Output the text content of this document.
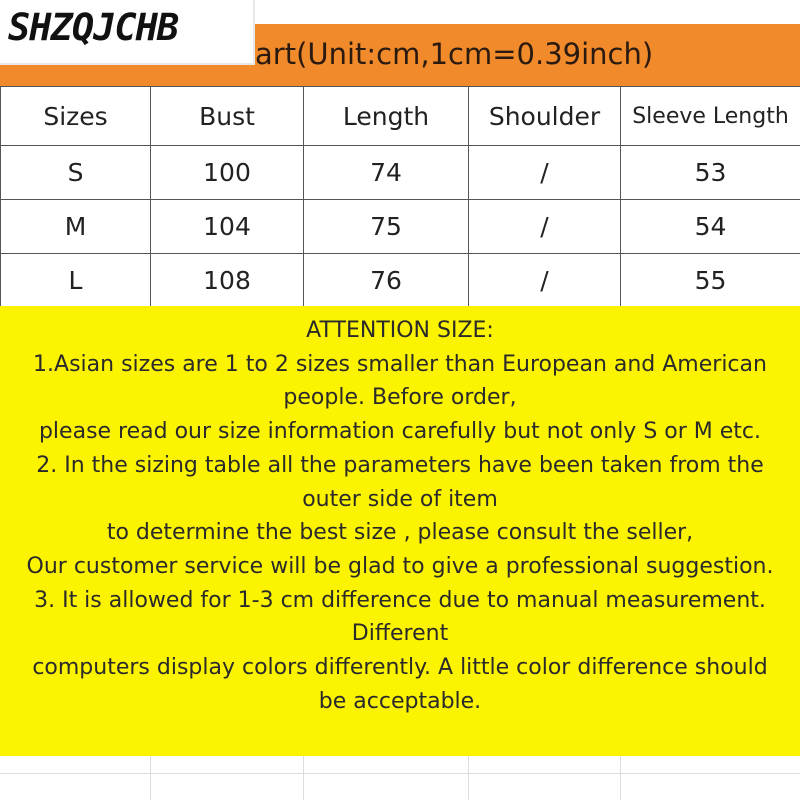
art(Unit:cm,1cm=0.39inch)
SHZQJCHB
Sizes	Bust	Length	Shoulder	Sleeve Length
S	100	74	/	53
M	104	75	/	54
L	108	76	/	55
ATTENTION SIZE:
1.Asian sizes are 1 to 2 sizes smaller than European and American
people. Before order,
please read our size information carefully but not only S or M etc.
2. In the sizing table all the parameters have been taken from the
outer side of item
to determine the best size , please consult the seller,
Our customer service will be glad to give a professional suggestion.
3. It is allowed for 1-3 cm difference due to manual measurement.
Different
computers display colors differently. A little color difference should
be acceptable.
